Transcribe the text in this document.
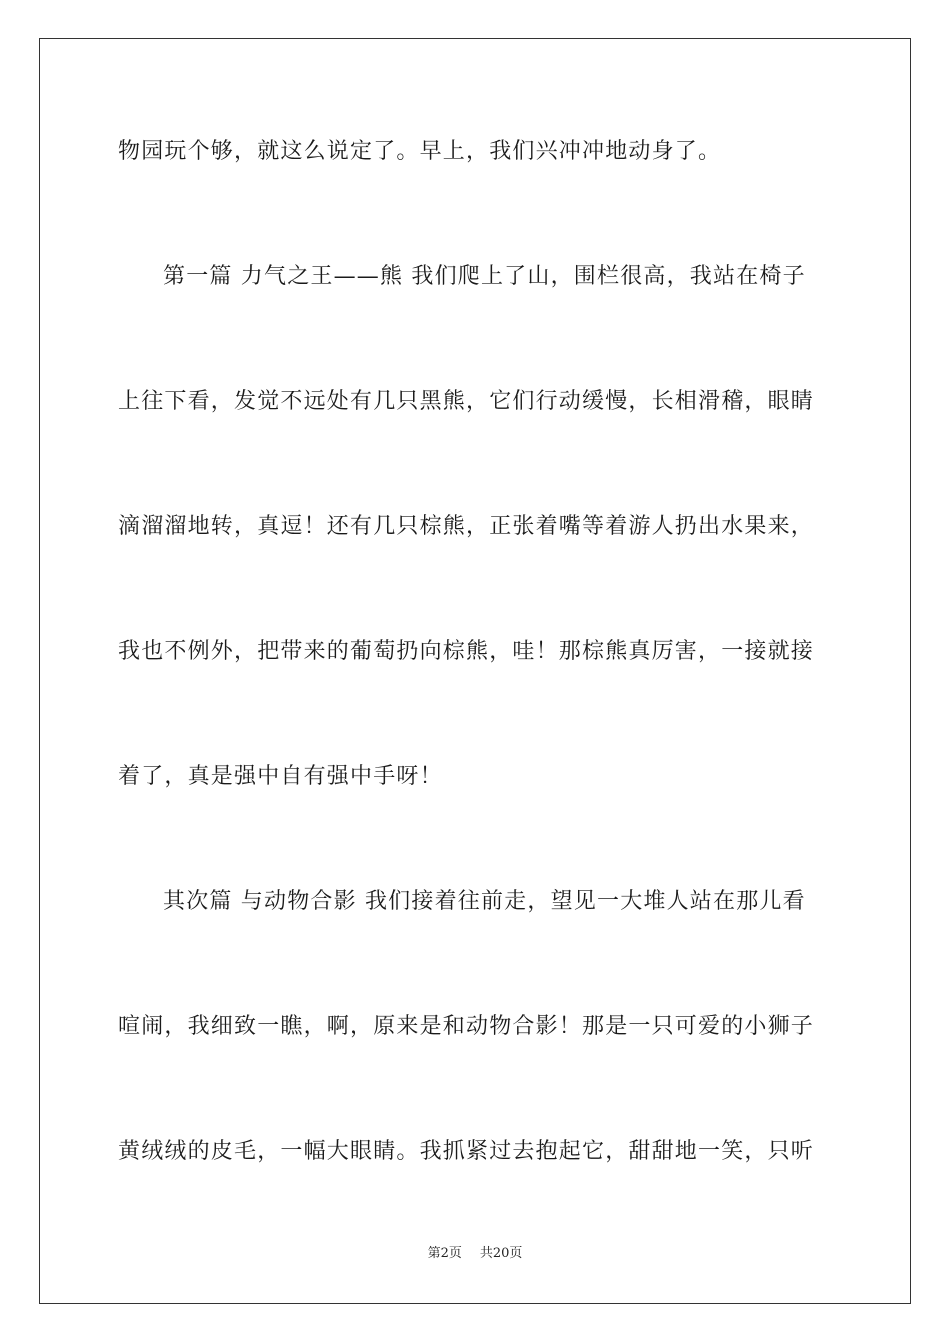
物园玩个够，就这么说定了。早上，我们兴冲冲地动身了。
第一篇 力气之王——熊 我们爬上了山，围栏很高，我站在椅子
上往下看，发觉不远处有几只黑熊，它们行动缓慢，长相滑稽，眼睛
滴溜溜地转，真逗！还有几只棕熊，正张着嘴等着游人扔出水果来，
我也不例外，把带来的葡萄扔向棕熊，哇！那棕熊真厉害，一接就接
着了，真是强中自有强中手呀！
其次篇 与动物合影 我们接着往前走，望见一大堆人站在那儿看
喧闹，我细致一瞧，啊，原来是和动物合影！那是一只可爱的小狮子
黄绒绒的皮毛，一幅大眼睛。我抓紧过去抱起它，甜甜地一笑，只听
第2页 共20页
